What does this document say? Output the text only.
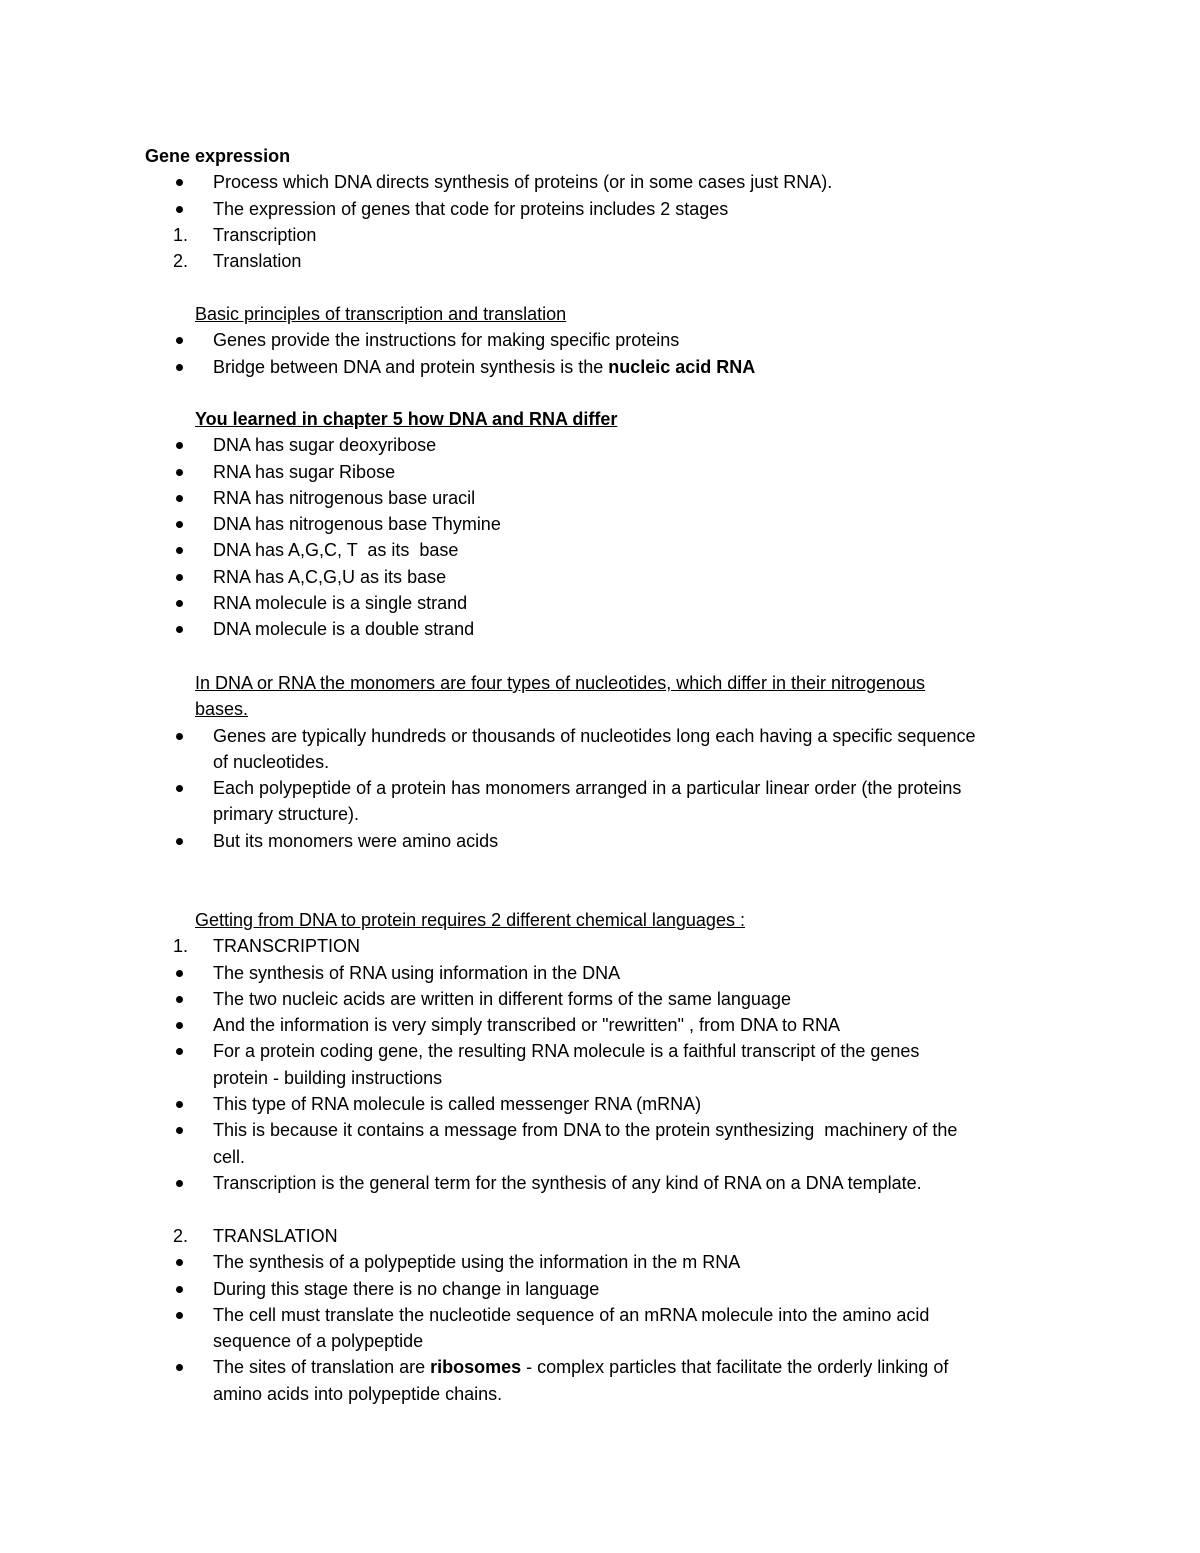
Gene expression
Process which DNA directs synthesis of proteins (or in some cases just RNA).
The expression of genes that code for proteins includes 2 stages
1.	Transcription
2.	Translation
Basic principles of transcription and translation
Genes provide the instructions for making specific proteins
Bridge between DNA and protein synthesis is the nucleic acid RNA
You learned in chapter 5 how DNA and RNA differ
DNA has sugar deoxyribose
RNA has sugar Ribose
RNA has nitrogenous base uracil
DNA has nitrogenous base Thymine
DNA has A,G,C, T  as its  base
RNA has A,C,G,U as its base
RNA molecule is a single strand
DNA molecule is a double strand
In DNA or RNA the monomers are four types of nucleotides, which differ in their nitrogenous
bases.
Genes are typically hundreds or thousands of nucleotides long each having a specific sequence
of nucleotides.
Each polypeptide of a protein has monomers arranged in a particular linear order (the proteins
primary structure).
But its monomers were amino acids
Getting from DNA to protein requires 2 different chemical languages :
1.	TRANSCRIPTION
The synthesis of RNA using information in the DNA
The two nucleic acids are written in different forms of the same language
And the information is very simply transcribed or "rewritten" , from DNA to RNA
For a protein coding gene, the resulting RNA molecule is a faithful transcript of the genes
protein - building instructions
This type of RNA molecule is called messenger RNA (mRNA)
This is because it contains a message from DNA to the protein synthesizing  machinery of the
cell.
Transcription is the general term for the synthesis of any kind of RNA on a DNA template.
2.	TRANSLATION
The synthesis of a polypeptide using the information in the m RNA
During this stage there is no change in language
The cell must translate the nucleotide sequence of an mRNA molecule into the amino acid
sequence of a polypeptide
The sites of translation are ribosomes - complex particles that facilitate the orderly linking of
amino acids into polypeptide chains.
